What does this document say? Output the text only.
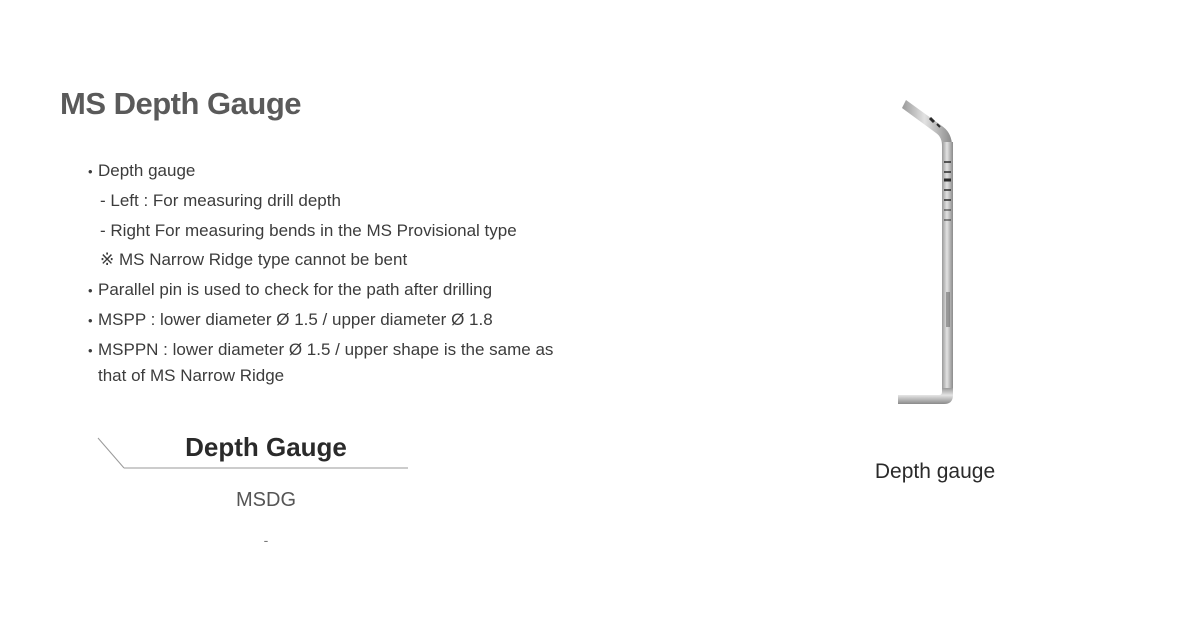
MS Depth Gauge
• Depth gauge
- Left : For measuring drill depth
- Right For measuring bends in the MS Provisional type
※ MS Narrow Ridge type cannot be bent
• Parallel pin is used to check for the path after drilling
• MSPP : lower diameter Ø 1.5 / upper diameter Ø 1.8
• MSPPN : lower diameter Ø 1.5 / upper shape is the same as
that of MS Narrow Ridge
Depth Gauge
MSDG
-
Depth gauge
